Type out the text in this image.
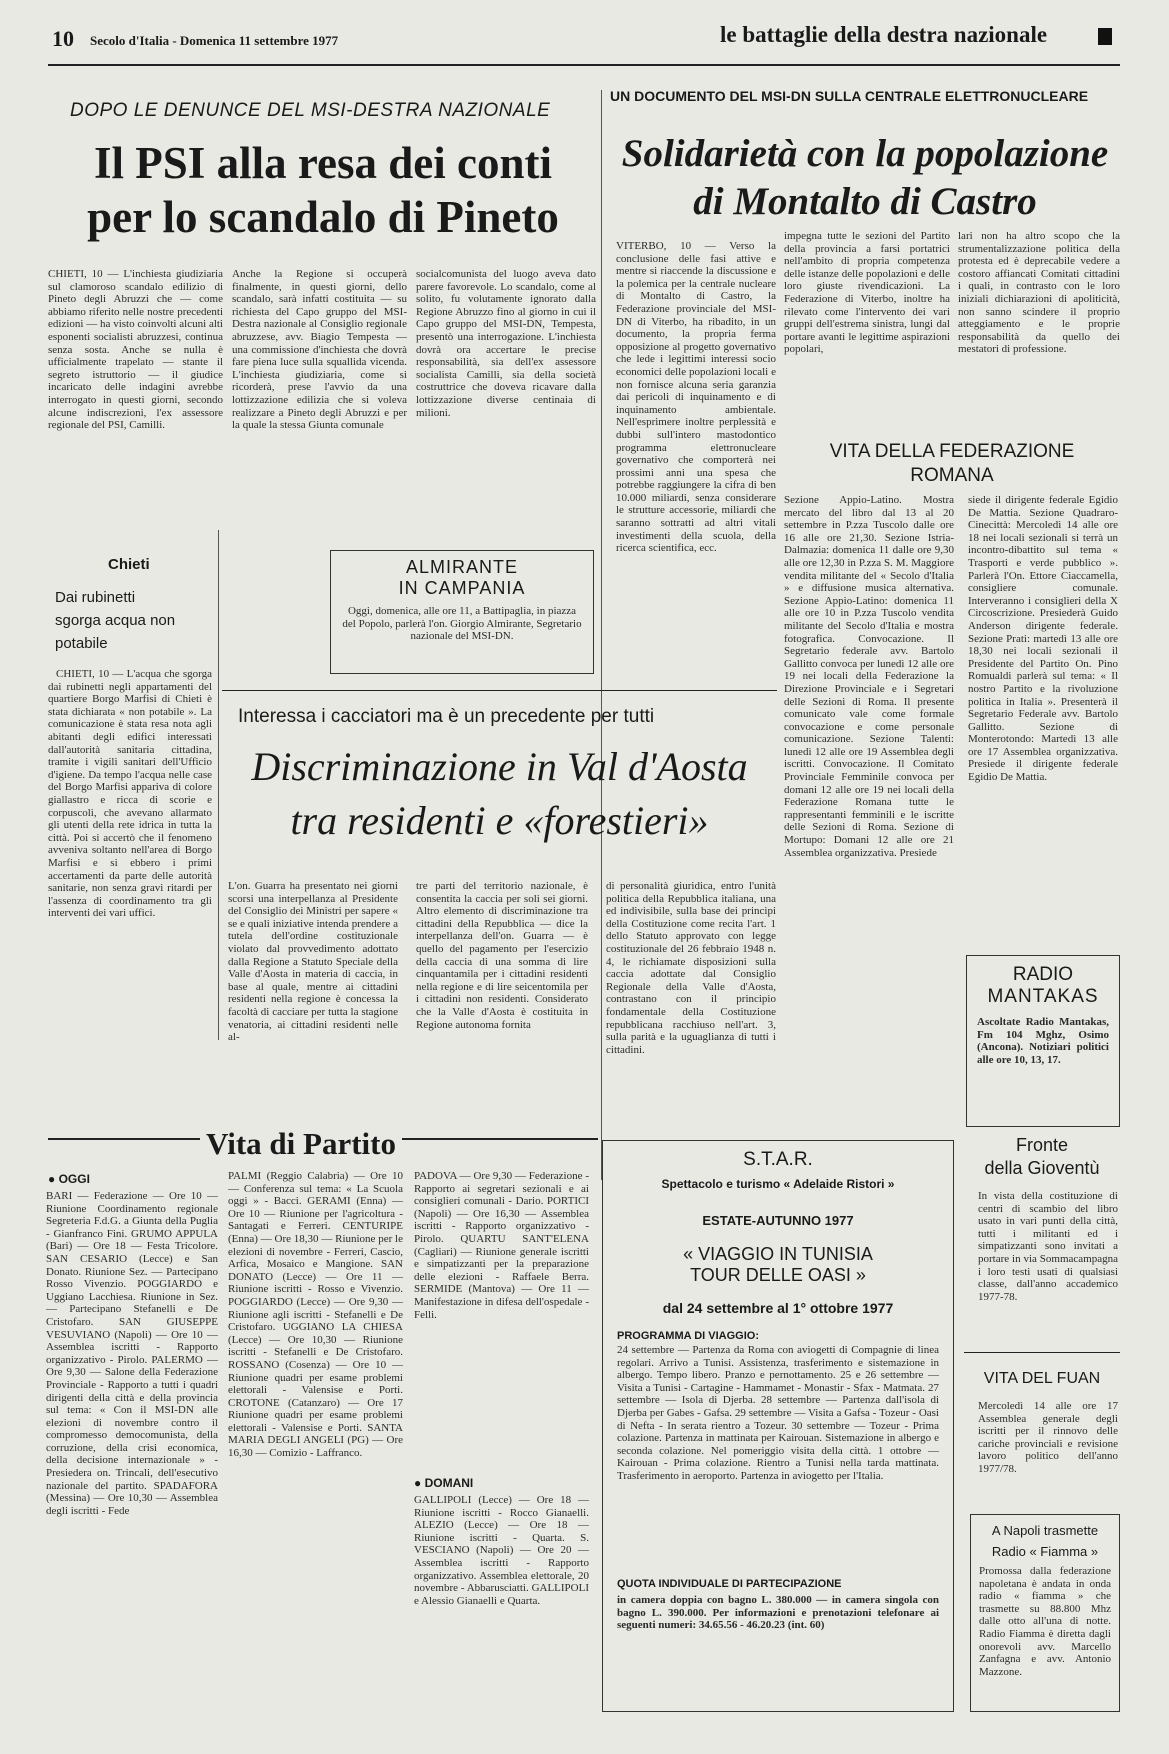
10 Secolo d'Italia - Domenica 11 settembre 1977	le battaglie della destra nazionale
DOPO LE DENUNCE DEL MSI-DESTRA NAZIONALE
Il PSI alla resa dei conti
per lo scandalo di Pineto
CHIETI, 10 — L'inchiesta giudiziaria sul clamoroso scandalo edilizio di Pineto degli Abruzzi che — come abbiamo riferito nelle nostre precedenti edizioni — ha visto coinvolti alcuni alti esponenti socialisti abruzzesi, continua senza sosta. Anche se nulla è ufficialmente trapelato — stante il segreto istruttorio — il giudice incaricato delle indagini avrebbe interrogato in questi giorni, secondo alcune indiscrezioni, l'ex assessore regionale del PSI, Camilli.
Anche la Regione si occuperà finalmente, in questi giorni, dello scandalo, sarà infatti costituita — su richiesta del Capo gruppo del MSI-Destra nazionale al Consiglio regionale abruzzese, avv. Biagio Tempesta — una commissione d'inchiesta che dovrà fare piena luce sulla squallida vicenda. L'inchiesta giudiziaria, come si ricorderà, prese l'avvio da una lottizzazione edilizia che si voleva realizzare a Pineto degli Abruzzi e per la quale la stessa Giunta comunale
socialcomunista del luogo aveva dato parere favorevole. Lo scandalo, come al solito, fu volutamente ignorato dalla Regione Abruzzo fino al giorno in cui il Capo gruppo del MSI-DN, Tempesta, presentò una interrogazione. L'inchiesta dovrà ora accertare le precise responsabilità, sia dell'ex assessore socialista Camilli, sia della società costruttrice che doveva ricavare dalla lottizzazione diverse centinaia di milioni.
Chieti
Dai rubinetti sgorga acqua non potabile
CHIETI, 10 — L'acqua che sgorga dai rubinetti negli appartamenti del quartiere Borgo Marfisi di Chieti è stata dichiarata « non potabile ». La comunicazione è stata resa nota agli abitanti degli edifici interessati dall'autorità sanitaria cittadina, tramite i vigili sanitari dell'Ufficio d'igiene. Da tempo l'acqua nelle case del Borgo Marfisi appariva di colore giallastro e ricca di scorie e corpuscoli, che avevano allarmato gli utenti della rete idrica in tutta la città. Poi si accertò che il fenomeno avveniva soltanto nell'area di Borgo Marfisi e si ebbero i primi accertamenti da parte delle autorità sanitarie, non senza gravi ritardi per l'assenza di coordinamento tra gli interventi dei vari uffici.
ALMIRANTE
IN CAMPANIA
Oggi, domenica, alle ore 11, a Battipaglia, in piazza del Popolo, parlerà l'on. Giorgio Almirante, Segretario nazionale del MSI-DN.
UN DOCUMENTO DEL MSI-DN SULLA CENTRALE ELETTRONUCLEARE
Solidarietà con la popolazione
di Montalto di Castro
VITERBO, 10 — Verso la conclusione delle fasi attive e mentre si riaccende la discussione e la polemica per la centrale nucleare di Montalto di Castro, la Federazione provinciale del MSI-DN di Viterbo, ha ribadito, in un documento, la propria ferma opposizione al progetto governativo che lede i legittimi interessi socio economici delle popolazioni locali e non fornisce alcuna seria garanzia dai pericoli di inquinamento e di inquinamento ambientale. Nell'esprimere inoltre perplessità e dubbi sull'intero mastodontico programma elettronucleare governativo che comporterà nei prossimi anni una spesa che potrebbe raggiungere la cifra di ben 10.000 miliardi, senza considerare le strutture accessorie, miliardi che saranno sottratti ad altri vitali investimenti della scuola, della ricerca scientifica, ecc.
impegna tutte le sezioni del Partito della provincia a farsi portatrici nell'ambito di propria competenza delle istanze delle popolazioni e delle loro giuste rivendicazioni. La Federazione di Viterbo, inoltre ha rilevato come l'intervento dei vari gruppi dell'estrema sinistra, lungi dal portare avanti le legittime aspirazioni popolari,
lari non ha altro scopo che la strumentalizzazione politica della protesta ed è deprecabile vedere a costoro affiancati Comitati cittadini i quali, in contrasto con le loro iniziali dichiarazioni di apoliticità, non sanno scindere il proprio atteggiamento e le proprie responsabilità da quello dei mestatori di professione.
VITA DELLA FEDERAZIONE
ROMANA
Sezione Appio-Latino. Mostra mercato del libro dal 13 al 20 settembre in P.zza Tuscolo dalle ore 16 alle ore 21,30. Sezione Istria-Dalmazia: domenica 11 dalle ore 9,30 alle ore 12,30 in P.zza S. M. Maggiore vendita militante del « Secolo d'Italia » e diffusione musica alternativa. Sezione Appio-Latino: domenica 11 alle ore 10 in P.zza Tuscolo vendita militante del Secolo d'Italia e mostra fotografica. Convocazione. Il Segretario federale avv. Bartolo Gallitto convoca per lunedì 12 alle ore 19 nei locali della Federazione la Direzione Provinciale e i Segretari delle Sezioni di Roma. Il presente comunicato vale come formale convocazione e come personale comunicazione. Sezione Talenti: lunedì 12 alle ore 19 Assemblea degli iscritti. Convocazione. Il Comitato Provinciale Femminile convoca per domani 12 alle ore 19 nei locali della Federazione Romana tutte le rappresentanti femminili e le iscritte delle Sezioni di Roma. Sezione di Mortupo: Domani 12 alle ore 21 Assemblea organizzativa. Presiede
siede il dirigente federale Egidio De Mattia. Sezione Quadraro-Cinecittà: Mercoledì 14 alle ore 18 nei locali sezionali si terrà un incontro-dibattito sul tema « Trasporti e verde pubblico ». Parlerà l'On. Ettore Ciaccamella, consigliere comunale. Interveranno i consiglieri della X Circoscrizione. Presiederà Guido Anderson dirigente federale. Sezione Prati: martedì 13 alle ore 18,30 nei locali sezionali il Presidente del Partito On. Pino Romualdi parlerà sul tema: « Il nostro Partito e la rivoluzione politica in Italia ». Presenterà il Segretario Federale avv. Bartolo Gallitto. Sezione di Monterotondo: Martedì 13 alle ore 17 Assemblea organizzativa. Presiede il dirigente federale Egidio De Mattia.
RADIO
MANTAKAS
Ascoltate Radio Mantakas, Fm 104 Mghz, Osimo (Ancona). Notiziari politici alle ore 10, 13, 17.
Interessa i cacciatori ma è un precedente per tutti
Discriminazione in Val d'Aosta
tra residenti e «forestieri»
L'on. Guarra ha presentato nei giorni scorsi una interpellanza al Presidente del Consiglio dei Ministri per sapere « se e quali iniziative intenda prendere a tutela dell'ordine costituzionale violato dal provvedimento adottato dalla Regione a Statuto Speciale della Valle d'Aosta in materia di caccia, in base al quale, mentre ai cittadini residenti nella regione è concessa la facoltà di cacciare per tutta la stagione venatoria, ai cittadini residenti nelle al-
tre parti del territorio nazionale, è consentita la caccia per soli sei giorni. Altro elemento di discriminazione tra cittadini della Repubblica — dice la interpellanza dell'on. Guarra — è quello del pagamento per l'esercizio della caccia di una somma di lire cinquantamila per i cittadini residenti nella regione e di lire seicentomila per i cittadini non residenti. Considerato che la Valle d'Aosta è costituita in Regione autonoma fornita
di personalità giuridica, entro l'unità politica della Repubblica italiana, una ed indivisibile, sulla base dei principi della Costituzione come recita l'art. 1 dello Statuto approvato con legge costituzionale del 26 febbraio 1948 n. 4, le richiamate disposizioni sulla caccia adottate dal Consiglio Regionale della Valle d'Aosta, contrastano con il principio fondamentale della Costituzione repubblicana racchiuso nell'art. 3, sulla parità e la uguaglianza di tutti i cittadini.
Vita di Partito
● OGGI
BARI — Federazione — Ore 10 — Riunione Coordinamento regionale Segreteria F.d.G. a Giunta della Puglia - Gianfranco Fini. GRUMO APPULA (Bari) — Ore 18 — Festa Tricolore. SAN CESARIO (Lecce) e San Donato. Riunione Sez. — Partecipano Rosso Vivenzio. POGGIARDO e Uggiano Lacchiesa. Riunione in Sez. — Partecipano Stefanelli e De Cristofaro. SAN GIUSEPPE VESUVIANO (Napoli) — Ore 10 — Assemblea iscritti - Rapporto organizzativo - Pirolo. PALERMO — Ore 9,30 — Salone della Federazione Provinciale - Rapporto a tutti i quadri dirigenti della città e della provincia sul tema: « Con il MSI-DN alle elezioni di novembre contro il compromesso democomunista, della corruzione, della crisi economica, della decisione internazionale » - Presiedera on. Trincali, dell'esecutivo nazionale del partito. SPADAFORA (Messina) — Ore 10,30 — Assemblea degli iscritti - Fede
PALMI (Reggio Calabria) — Ore 10 — Conferenza sul tema: « La Scuola oggi » - Bacci. GERAMI (Enna) — Ore 10 — Riunione per l'agricoltura - Santagati e Ferreri. CENTURIPE (Enna) — Ore 18,30 — Riunione per le elezioni di novembre - Ferreri, Cascio, Arfica, Mosaico e Mangione. SAN DONATO (Lecce) — Ore 11 — Riunione iscritti - Rosso e Vivenzio. POGGIARDO (Lecce) — Ore 9,30 — Riunione agli iscritti - Stefanelli e De Cristofaro. UGGIANO LA CHIESA (Lecce) — Ore 10,30 — Riunione iscritti - Stefanelli e De Cristofaro. ROSSANO (Cosenza) — Ore 10 — Riunione quadri per esame problemi elettorali - Valensise e Porti. CROTONE (Catanzaro) — Ore 17 Riunione quadri per esame problemi elettorali - Valensise e Porti. SANTA MARIA DEGLI ANGELI (PG) — Ore 16,30 — Comizio - Laffranco.
PADOVA — Ore 9,30 — Federazione - Rapporto ai segretari sezionali e ai consiglieri comunali - Dario. PORTICI (Napoli) — Ore 16,30 — Assemblea iscritti - Rapporto organizzativo - Pirolo. QUARTU SANT'ELENA (Cagliari) — Riunione generale iscritti e simpatizzanti per la preparazione delle elezioni - Raffaele Berra. SERMIDE (Mantova) — Ore 11 — Manifestazione in difesa dell'ospedale - Felli.
● DOMANI
GALLIPOLI (Lecce) — Ore 18 — Riunione iscritti - Rocco Gianaelli. ALEZIO (Lecce) — Ore 18 — Riunione iscritti - Quarta. S. VESCIANO (Napoli) — Ore 20 — Assemblea iscritti - Rapporto organizzativo. Assemblea elettorale, 20 novembre - Abbarusciatti. GALLIPOLI e Alessio Gianaelli e Quarta.
S.T.A.R.
Spettacolo e turismo « Adelaide Ristori »
ESTATE-AUTUNNO 1977
« VIAGGIO IN TUNISIA
TOUR DELLE OASI »
dal 24 settembre al 1° ottobre 1977
PROGRAMMA DI VIAGGIO:
24 settembre — Partenza da Roma con aviogetti di Compagnie di linea regolari. Arrivo a Tunisi. Assistenza, trasferimento e sistemazione in albergo. Tempo libero. Pranzo e pernottamento. 25 e 26 settembre — Visita a Tunisi - Cartagine - Hammamet - Monastir - Sfax - Matmata. 27 settembre — Isola di Djerba. 28 settembre — Partenza dall'isola di Djerba per Gabes - Gafsa. 29 settembre — Visita a Gafsa - Tozeur - Oasi di Nefta - In serata rientro a Tozeur. 30 settembre — Tozeur - Prima colazione. Partenza in mattinata per Kairouan. Sistemazione in albergo e seconda colazione. Nel pomeriggio visita della città. 1 ottobre — Kairouan - Prima colazione. Rientro a Tunisi nella tarda mattinata. Trasferimento in aeroporto. Partenza in aviogetto per l'Italia.
QUOTA INDIVIDUALE DI PARTECIPAZIONE
in camera doppia con bagno L. 380.000 — in camera singola con bagno L. 390.000. Per informazioni e prenotazioni telefonare ai seguenti numeri: 34.65.56 - 46.20.23 (int. 60)
Fronte
della Gioventù
In vista della costituzione di centri di scambio del libro usato in vari punti della città, tutti i militanti ed i simpatizzanti sono invitati a portare in via Sommacampagna i loro testi usati di qualsiasi classe, dall'anno accademico 1977-78.
VITA DEL FUAN
Mercoledì 14 alle ore 17 Assemblea generale degli iscritti per il rinnovo delle cariche provinciali e revisione lavoro politico dell'anno 1977/78.
A Napoli trasmette
Radio « Fiamma »
Promossa dalla federazione napoletana è andata in onda radio « fiamma » che trasmette su 88.800 Mhz dalle otto all'una di notte. Radio Fiamma è diretta dagli onorevoli avv. Marcello Zanfagna e avv. Antonio Mazzone.
